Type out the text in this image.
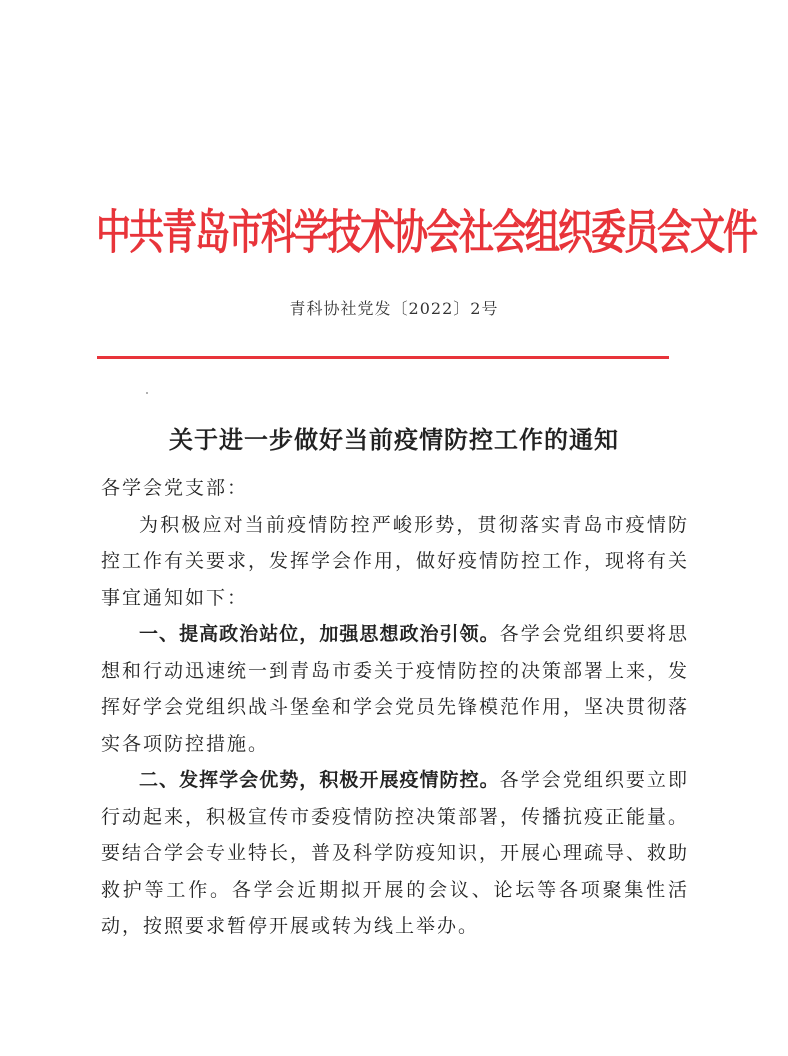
中共青岛市科学技术协会社会组织委员会文件
青科协社党发〔2022〕2号
关于进一步做好当前疫情防控工作的通知

各学会党支部：

为积极应对当前疫情防控严峻形势，贯彻落实青岛市疫情防控工作有关要求，发挥学会作用，做好疫情防控工作，现将有关事宜通知如下：

一、提高政治站位，加强思想政治引领。各学会党组织要将思想和行动迅速统一到青岛市委关于疫情防控的决策部署上来，发挥好学会党组织战斗堡垒和学会党员先锋模范作用，坚决贯彻落实各项防控措施。

二、发挥学会优势，积极开展疫情防控。各学会党组织要立即行动起来，积极宣传市委疫情防控决策部署，传播抗疫正能量。要结合学会专业特长，普及科学防疫知识，开展心理疏导、救助救护等工作。各学会近期拟开展的会议、论坛等各项聚集性活动，按照要求暂停开展或转为线上举办。
